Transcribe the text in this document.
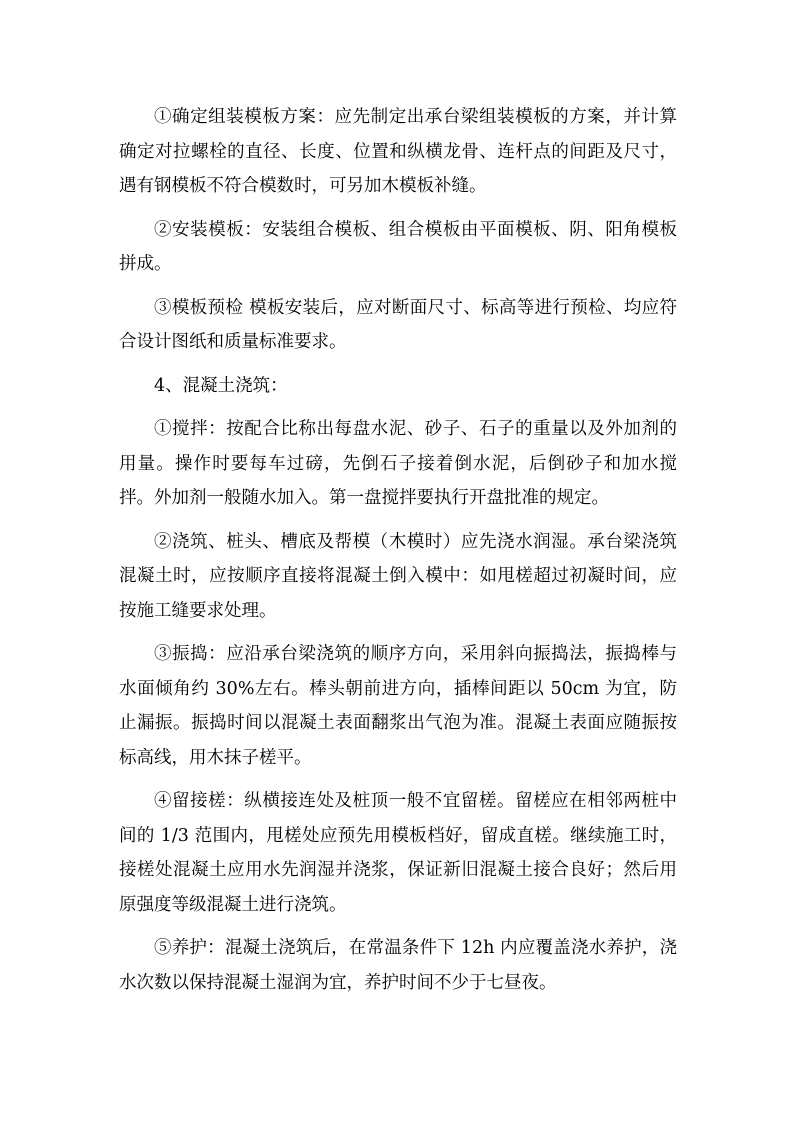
①确定组装模板方案：应先制定出承台梁组装模板的方案，并计算确定对拉螺栓的直径、长度、位置和纵横龙骨、连杆点的间距及尺寸，遇有钢模板不符合模数时，可另加木模板补缝。

②安装模板：安装组合模板、组合模板由平面模板、阴、阳角模板拼成。

③模板预检 模板安装后，应对断面尺寸、标高等进行预检、均应符合设计图纸和质量标准要求。

4、混凝土浇筑：

①搅拌：按配合比称出每盘水泥、砂子、石子的重量以及外加剂的用量。操作时要每车过磅，先倒石子接着倒水泥，后倒砂子和加水搅拌。外加剂一般随水加入。第一盘搅拌要执行开盘批准的规定。

②浇筑、桩头、槽底及帮模（木模时）应先浇水润湿。承台梁浇筑混凝土时，应按顺序直接将混凝土倒入模中：如甩槎超过初凝时间，应按施工缝要求处理。

③振捣：应沿承台梁浇筑的顺序方向，采用斜向振捣法，振捣棒与水面倾角约 30%左右。棒头朝前进方向，插棒间距以 50cm 为宜，防止漏振。振捣时间以混凝土表面翻浆出气泡为准。混凝土表面应随振按标高线，用木抹子槎平。

④留接槎：纵横接连处及桩顶一般不宜留槎。留槎应在相邻两桩中间的 1/3 范围内，甩槎处应预先用模板档好，留成直槎。继续施工时，接槎处混凝土应用水先润湿并浇浆，保证新旧混凝土接合良好；然后用原强度等级混凝土进行浇筑。

⑤养护：混凝土浇筑后，在常温条件下 12h 内应覆盖浇水养护，浇水次数以保持混凝土湿润为宜，养护时间不少于七昼夜。
